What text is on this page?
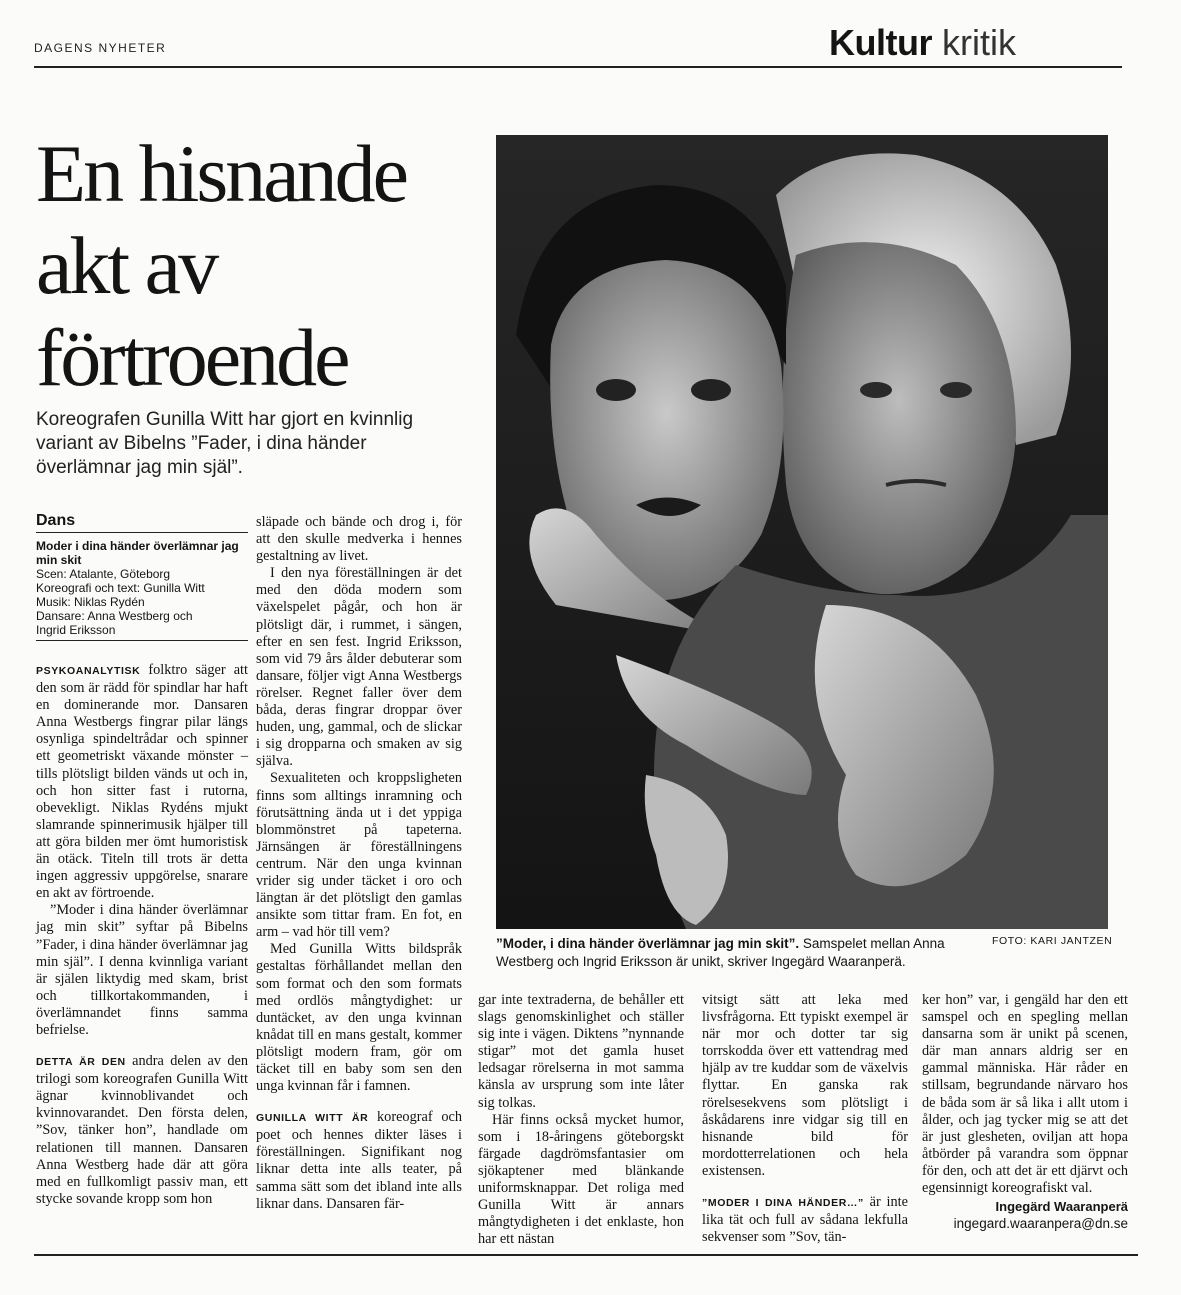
DAGENS NYHETER	Kultur kritik
En hisnande
akt av
förtroende

Koreografen Gunilla Witt har gjort en kvinnlig variant av Bibelns ”Fader, i dina händer överlämnar jag min själ”.

”Moder, i dina händer överlämnar jag min skit”. Samspelet mellan Anna Westberg och Ingrid Eriksson är unikt, skriver Ingegärd Waaranperä.

FOTO: KARI JANTZEN
Dans
Moder i dina händer överlämnar jag min skit
Scen: Atalante, Göteborg
Koreografi och text: Gunilla Witt
Musik: Niklas Rydén
Dansare: Anna Westberg och
Ingrid Eriksson

PSYKOANALYTISK folktro säger att den som är rädd för spindlar har haft en dominerande mor. Dansaren Anna Westbergs fingrar pilar längs osynliga spindeltrådar och spinner ett geometriskt växande mönster – tills plötsligt bilden vänds ut och in, och hon sitter fast i rutorna, obevekligt. Niklas Rydéns mjukt slamrande spinnerimusik hjälper till att göra bilden mer ömt humoristisk än otäck. Titeln till trots är detta ingen aggressiv uppgörelse, snarare en akt av förtroende.

”Moder i dina händer överlämnar jag min skit” syftar på Bibelns ”Fader, i dina händer överlämnar jag min själ”. I denna kvinnliga variant är själen liktydig med skam, brist och tillkortakommanden, i överlämnandet finns samma befrielse.

DETTA ÄR DEN andra delen av den trilogi som koreografen Gunilla Witt ägnar kvinnoblivandet och kvinnovarandet. Den första delen, ”Sov, tänker hon”, handlade om relationen till mannen. Dansaren Anna Westberg hade där att göra med en fullkomligt passiv man, ett stycke sovande kropp som hon

släpade och bände och drog i, för att den skulle medverka i hennes gestaltning av livet.

I den nya föreställningen är det med den döda modern som växelspelet pågår, och hon är plötsligt där, i rummet, i sängen, efter en sen fest. Ingrid Eriksson, som vid 79 års ålder debuterar som dansare, följer vigt Anna Westbergs rörelser. Regnet faller över dem båda, deras fingrar droppar över huden, ung, gammal, och de slickar i sig dropparna och smaken av sig själva.

Sexualiteten och kroppsligheten finns som alltings inramning och förutsättning ända ut i det yppiga blommönstret på tapeterna. Järnsängen är föreställningens centrum. När den unga kvinnan vrider sig under täcket i oro och längtan är det plötsligt den gamlas ansikte som tittar fram. En fot, en arm – vad hör till vem?

Med Gunilla Witts bildspråk gestaltas förhållandet mellan den som format och den som formats med ordlös mångtydighet: ur duntäcket, av den unga kvinnan knådat till en mans gestalt, kommer plötsligt modern fram, gör om täcket till en baby som sen den unga kvinnan får i famnen.

GUNILLA WITT ÄR koreograf och poet och hennes dikter läses i föreställningen. Signifikant nog liknar detta inte alls teater, på samma sätt som det ibland inte alls liknar dans. Dansaren fär-

gar inte textraderna, de behåller ett slags genomskinlighet och ställer sig inte i vägen. Diktens ”nynnande stigar” mot det gamla huset ledsagar rörelserna in mot samma känsla av ursprung som inte låter sig tolkas.

Här finns också mycket humor, som i 18-åringens göteborgskt färgade dagdrömsfantasier om sjökaptener med blänkande uniformsknappar. Det roliga med Gunilla Witt är annars mångtydigheten i det enklaste, hon har ett nästan

vitsigt sätt att leka med livsfrågorna. Ett typiskt exempel är när mor och dotter tar sig torrskodda över ett vattendrag med hjälp av tre kuddar som de växelvis flyttar. En ganska rak rörelsesekvens som plötsligt i åskådarens inre vidgar sig till en hisnande bild för mordotterrelationen och hela existensen.

”MODER I DINA HÄNDER…” är inte lika tät och full av sådana lekfulla sekvenser som ”Sov, tän-

ker hon” var, i gengäld har den ett samspel och en spegling mellan dansarna som är unikt på scenen, där man annars aldrig ser en gammal människa. Här råder en stillsam, begrundande närvaro hos de båda som är så lika i allt utom i ålder, och jag tycker mig se att det är just glesheten, oviljan att hopa åtbörder på varandra som öppnar för den, och att det är ett djärvt och egensinnigt koreografiskt val.

Ingegärd Waaranperä
ingegard.waaranpera@dn.se
